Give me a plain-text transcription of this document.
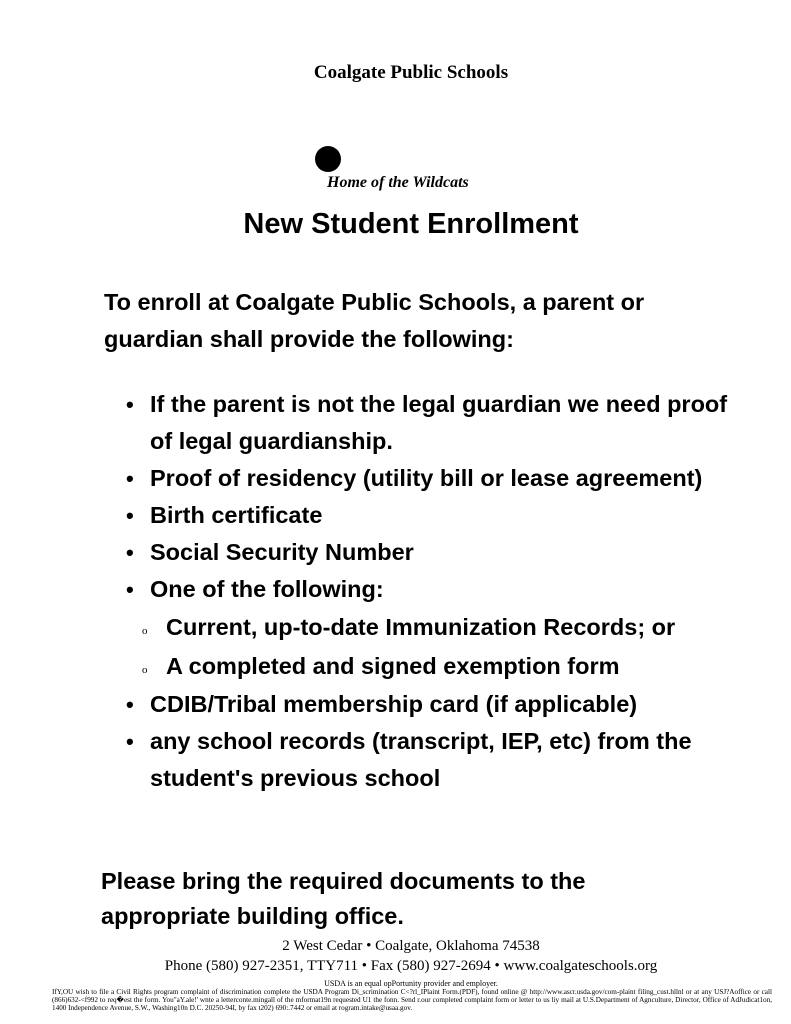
Coalgate Public Schools
Home of the Wildcats
New Student Enrollment
To enroll at Coalgate Public Schools, a parent or guardian shall provide the following:
• If the parent is not the legal guardian we need proof of legal guardianship.
• Proof of residency (utility bill or lease agreement)
• Birth certificate
• Social Security Number
• One of the following:
o Current, up-to-date Immunization Records; or
o A completed and signed exemption form
• CDIB/Tribal membership card (if applicable)
• any school records (transcript, IEP, etc) from the student's previous school
Please bring the required documents to the appropriate building office.
2 West Cedar • Coalgate, Oklahoma 74538
Phone (580) 927-2351, TTY711 • Fax (580) 927-2694 • www.coalgateschools.org
USDA is an equal opPortunity provider and employer.
IfY,OU wish to file a Civil Rights program complaint of discrimination complete the USDA Program Di_scrimination C<?rl_IPlaint Form.(PDF), found online @ http://www.ascr.usda.gov/com-plaint filing_cust.hllnl or at any USJ?Aoffice or call (866)632-<f992 to req�est the form. You"aY.ale!' wnte a letterconte.mingall of the mformat19n requested U1 the fonn. Send r.our completed complaint form or letter to us liy mail at U.S.Department of Agnculture, Director, Office of AdJudicat1on, 1400 Independence Avenue, S.W., Washing10n D.C. 20250-94I, by fax t202) 690:.7442 or email at rogram.intake@usaa.gov.
